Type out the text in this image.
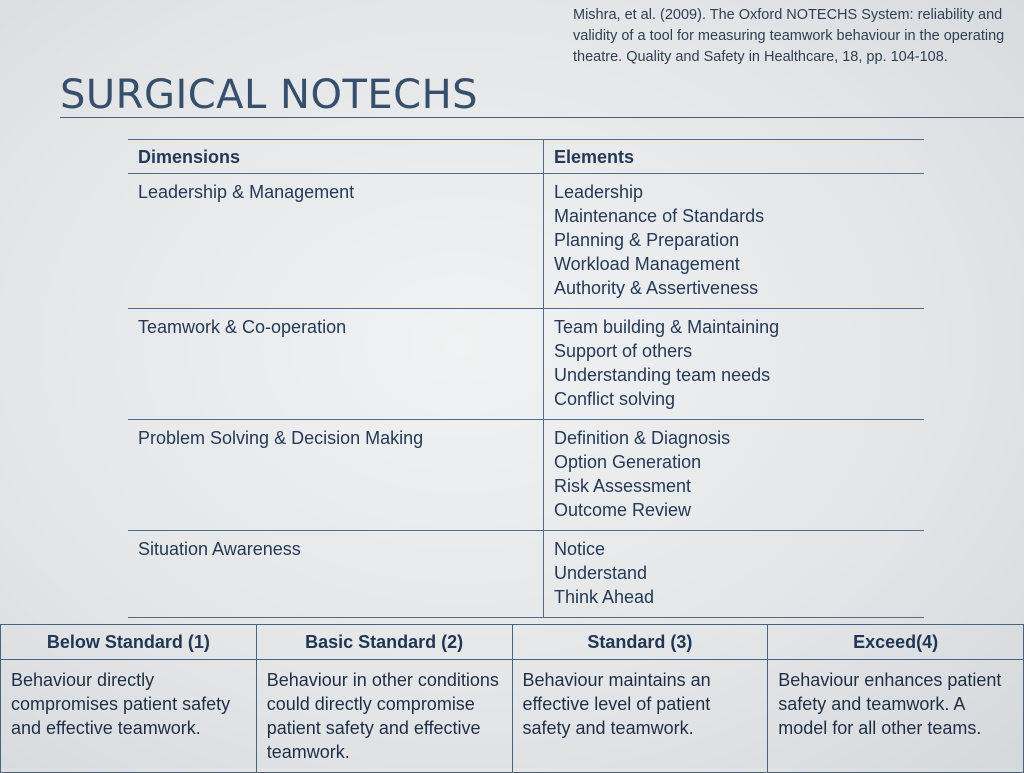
Mishra, et al. (2009). The Oxford NOTECHS System: reliability and validity of a tool for measuring teamwork behaviour in the operating theatre. Quality and Safety in Healthcare, 18, pp. 104-108.
SURGICAL NOTECHS
Dimensions	Elements
Leadership & Management	Leadership
Maintenance of Standards
Planning & Preparation
Workload Management
Authority & Assertiveness

Teamwork & Co-operation	Team building & Maintaining
Support of others
Understanding team needs
Conflict solving

Problem Solving & Decision Making	Definition & Diagnosis
Option Generation
Risk Assessment
Outcome Review

Situation Awareness	Notice
Understand
Think Ahead
Below Standard (1)	Basic Standard (2)	Standard (3)	Exceed(4)
Behaviour directly compromises patient safety and effective teamwork.	Behaviour in other conditions could directly compromise patient safety and effective teamwork.	Behaviour maintains an effective level of patient safety and teamwork.	Behaviour enhances patient safety and teamwork. A model for all other teams.
